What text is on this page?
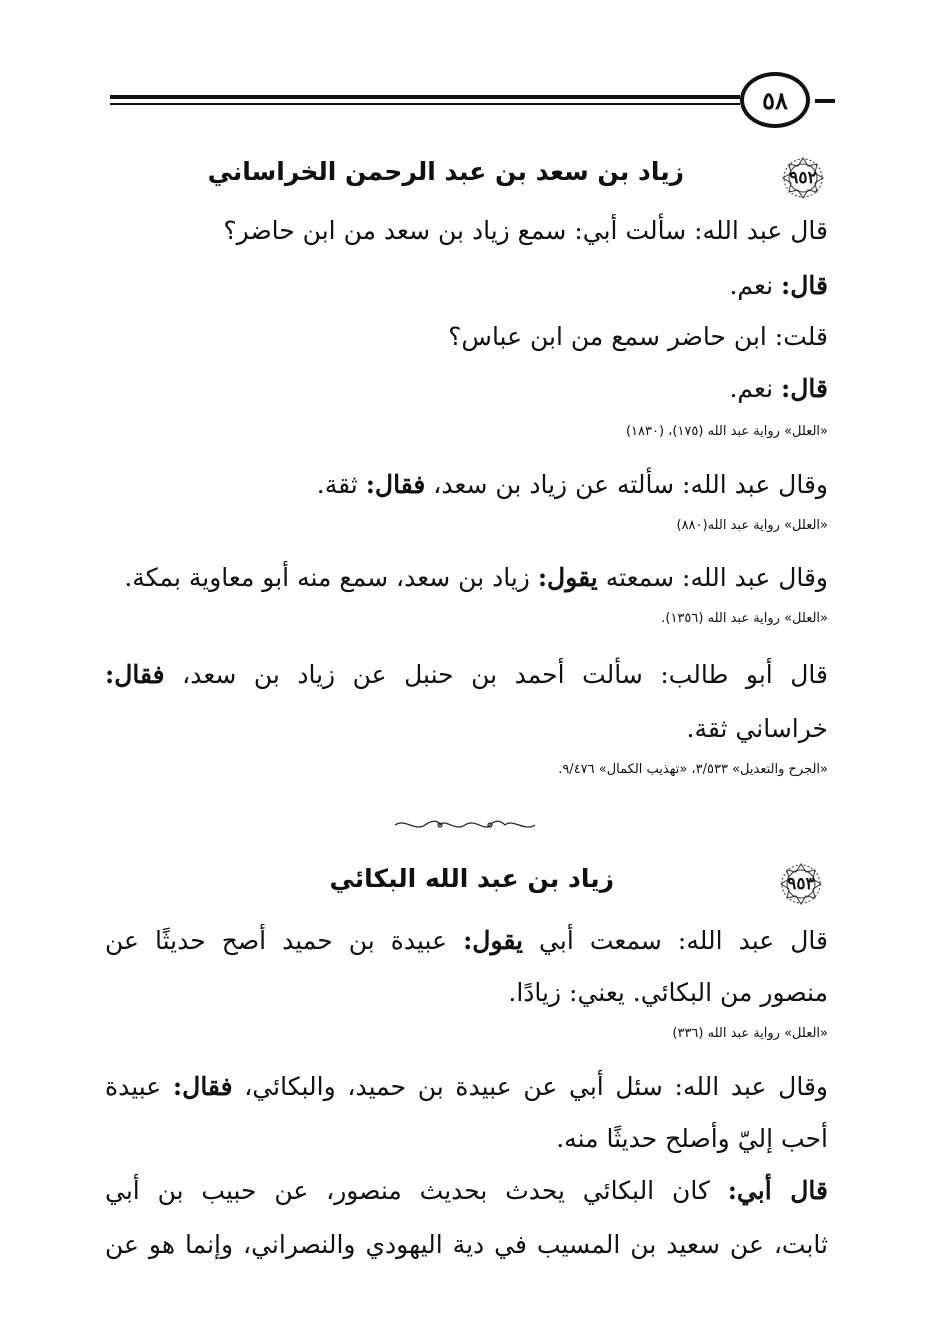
٥٨
٩٥٢
زياد بن سعد بن عبد الرحمن الخراساني
قال عبد الله: سألت أبي: سمع زياد بن سعد من ابن حاضر؟
قال: نعم.
قلت: ابن حاضر سمع من ابن عباس؟
قال: نعم.
«العلل» رواية عبد الله (١٧٥)، (١٨٣٠)
وقال عبد الله: سألته عن زياد بن سعد، فقال: ثقة.
«العلل» رواية عبد الله(٨٨٠)
وقال عبد الله: سمعته يقول: زياد بن سعد، سمع منه أبو معاوية بمكة.
«العلل» رواية عبد الله (١٣٥٦).
قال أبو طالب: سألت أحمد بن حنبل عن زياد بن سعد، فقال:
خراساني ثقة.
«الجرح والتعديل» ٣/٥٣٣، «تهذيب الكمال» ٩/٤٧٦.
٩٥٣
زياد بن عبد الله البكائي
قال عبد الله: سمعت أبي يقول: عبيدة بن حميد أصح حديثًا عن
منصور من البكائي. يعني: زيادًا.
«العلل» رواية عبد الله (٣٣٦)
وقال عبد الله: سئل أبي عن عبيدة بن حميد، والبكائي، فقال: عبيدة
أحب إليّ وأصلح حديثًا منه.
قال أبي: كان البكائي يحدث بحديث منصور، عن حبيب بن أبي
ثابت، عن سعيد بن المسيب في دية اليهودي والنصراني، وإنما هو عن
